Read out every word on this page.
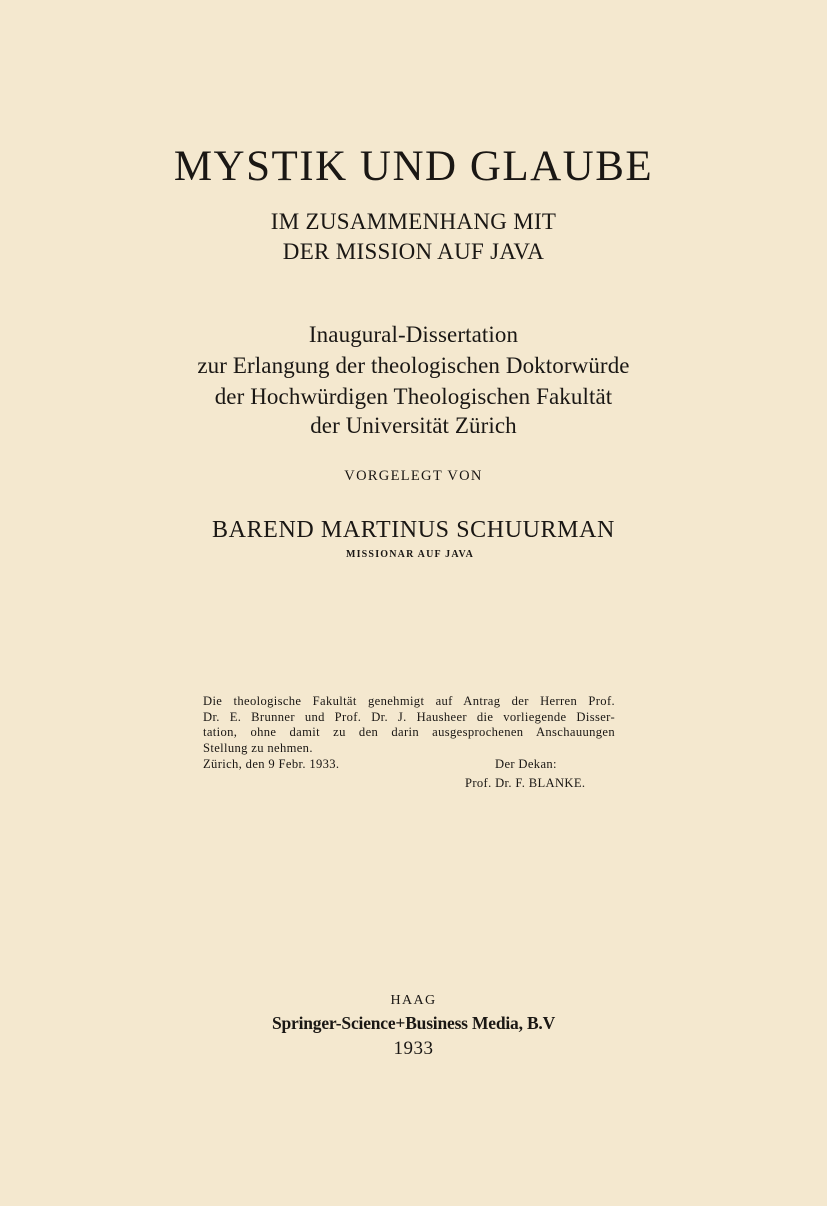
MYSTIK UND GLAUBE
IM ZUSAMMENHANG MIT
DER MISSION AUF JAVA
Inaugural-Dissertation
zur Erlangung der theologischen Doktorwürde
der Hochwürdigen Theologischen Fakultät
der Universität Zürich
VORGELEGT VON
BAREND MARTINUS SCHUURMAN
MISSIONAR AUF JAVA
Die theologische Fakultät genehmigt auf Antrag der Herren Prof.
Dr. E. Brunner und Prof. Dr. J. Hausheer die vorliegende Disser-
tation, ohne damit zu den darin ausgesprochenen Anschauungen
Stellung zu nehmen.
Zürich, den 9 Febr. 1933.	Der Dekan:
Prof. Dr. F. BLANKE.
HAAG
Springer-Science+Business Media, B.V
1933
